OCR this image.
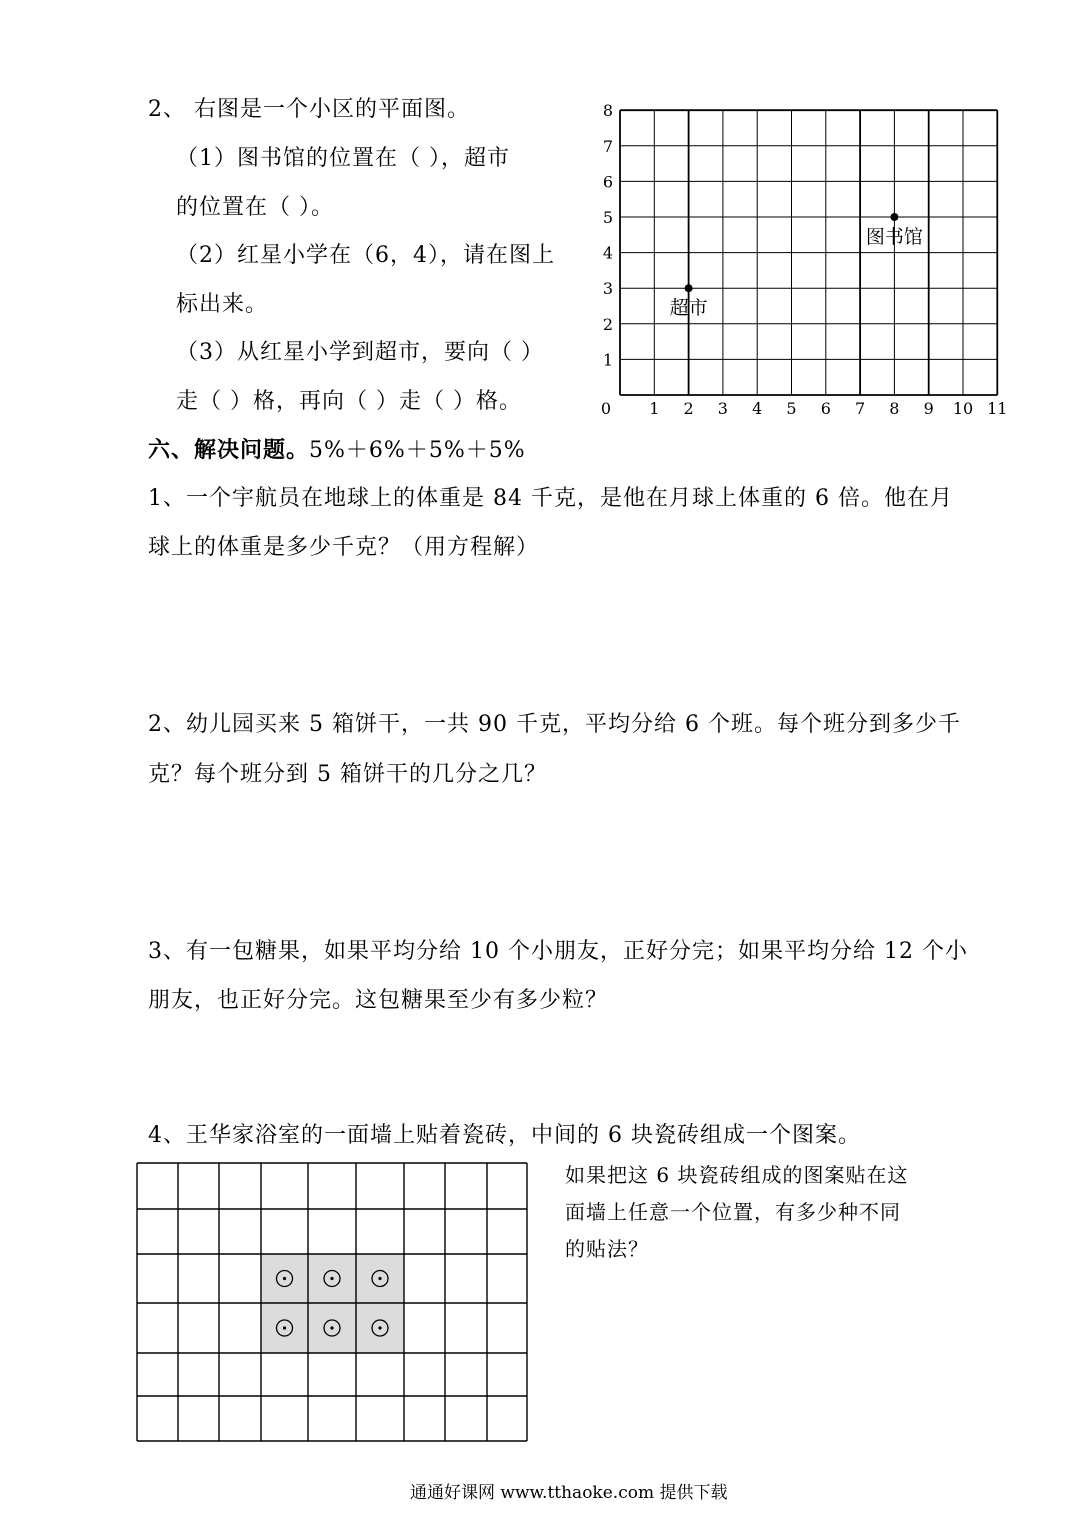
2、 右图是一个小区的平面图。
（1）图书馆的位置在（ ），超市
的位置在（ ）。
（2）红星小学在（6，4），请在图上
标出来。
（3）从红星小学到超市，要向（ ）
走（ ）格，再向（ ）走（ ）格。	0 1 2 3 4 5 6 7 8 9 10 11
1
2
3
4
5
6
7
8
超市
图书馆
六、解决问题。5%＋6%＋5%＋5%
1、一个宇航员在地球上的体重是 84 千克，是他在月球上体重的 6 倍。他在月
球上的体重是多少千克？（用方程解）
2、幼儿园买来 5 箱饼干，一共 90 千克，平均分给 6 个班。每个班分到多少千
克？每个班分到 5 箱饼干的几分之几？
3、有一包糖果，如果平均分给 10 个小朋友，正好分完；如果平均分给 12 个小
朋友，也正好分完。这包糖果至少有多少粒？
4、王华家浴室的一面墙上贴着瓷砖，中间的 6 块瓷砖组成一个图案。
如果把这 6 块瓷砖组成的图案贴在这面墙上任意一个位置，有多少种不同的贴法？
通通好课网 www.tthaoke.com 提供下载
